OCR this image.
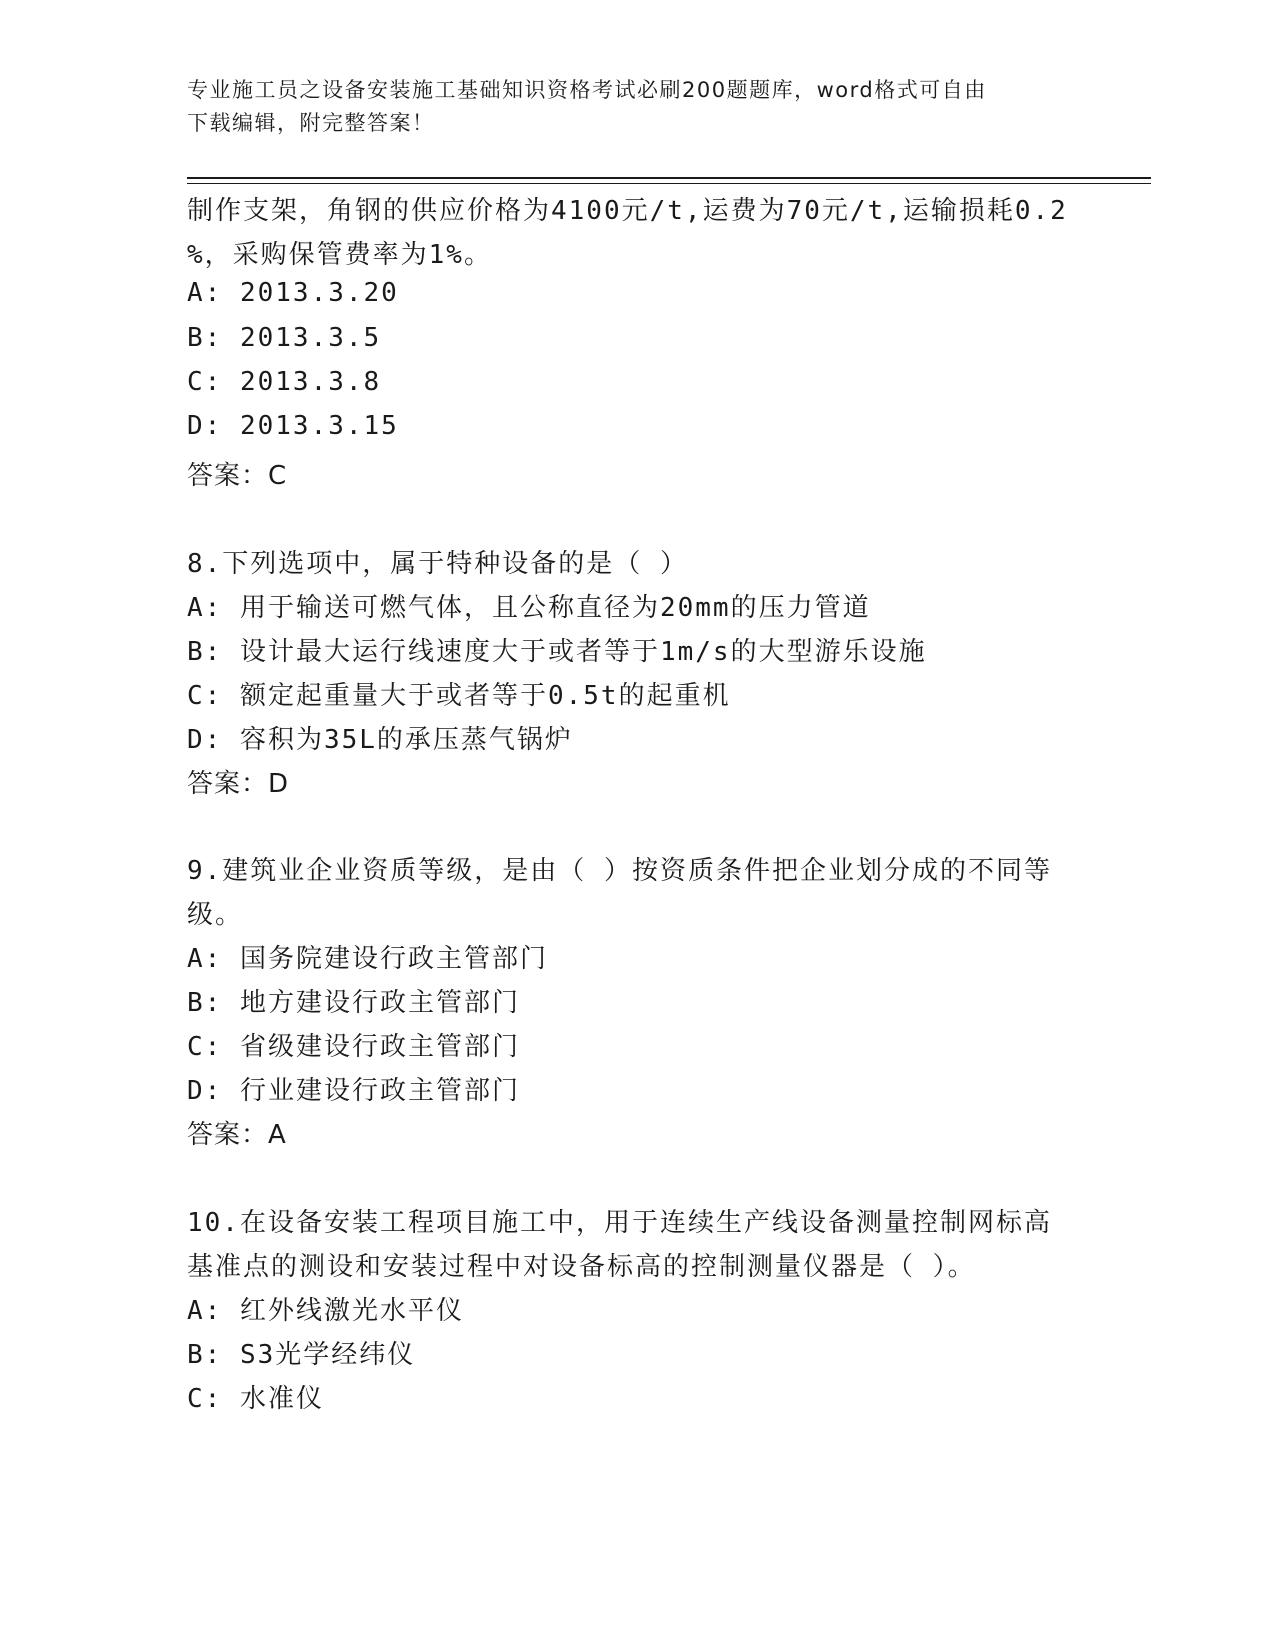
专业施工员之设备安装施工基础知识资格考试必刷200题题库，word格式可自由
下载编辑，附完整答案！
制作支架，角钢的供应价格为4100元/t,运费为70元/t,运输损耗0.2
%，采购保管费率为1%。
A: 2013.3.20
B: 2013.3.5
C: 2013.3.8
D: 2013.3.15
答案：C
8.下列选项中，属于特种设备的是（ ）
A: 用于输送可燃气体，且公称直径为20mm的压力管道
B: 设计最大运行线速度大于或者等于1m/s的大型游乐设施
C: 额定起重量大于或者等于0.5t的起重机
D: 容积为35L的承压蒸气锅炉
答案：D
9.建筑业企业资质等级，是由（ ）按资质条件把企业划分成的不同等
级。
A: 国务院建设行政主管部门
B: 地方建设行政主管部门
C: 省级建设行政主管部门
D: 行业建设行政主管部门
答案：A
10.在设备安装工程项目施工中，用于连续生产线设备测量控制网标高
基准点的测设和安装过程中对设备标高的控制测量仪器是（ ）。
A: 红外线激光水平仪
B: S3光学经纬仪
C: 水准仪
